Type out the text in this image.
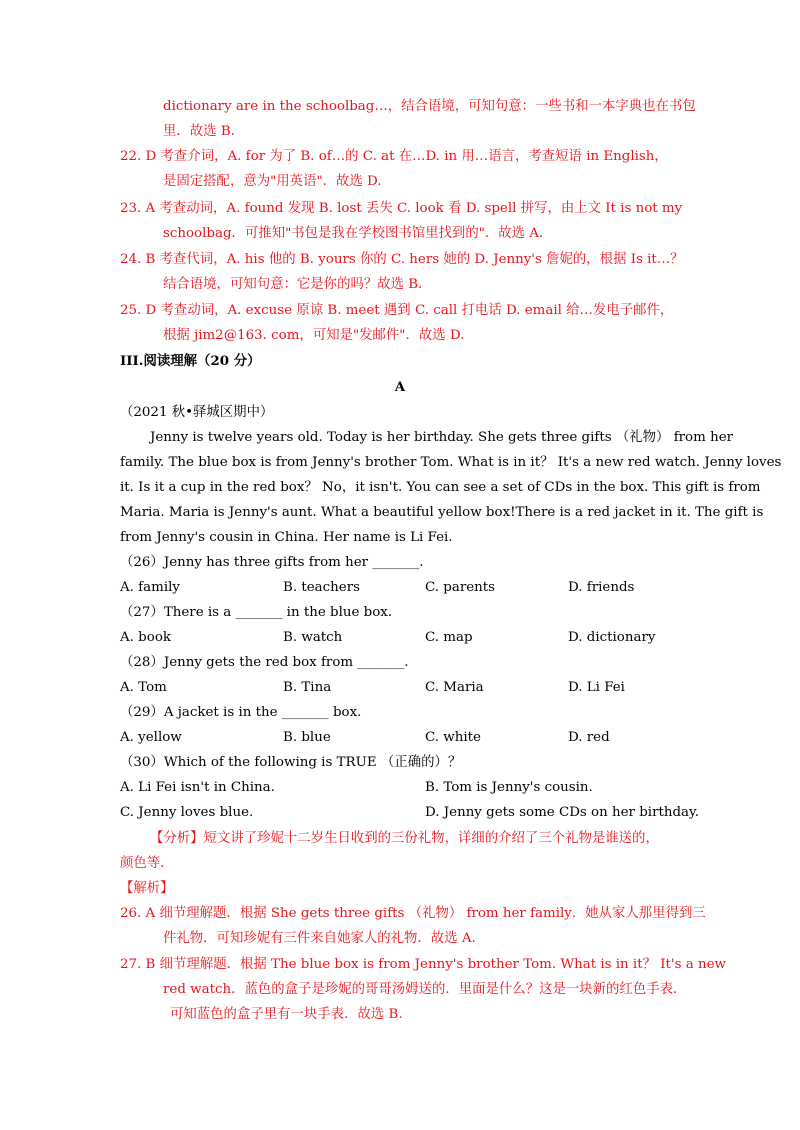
dictionary are in the schoolbag…，结合语境，可知句意：一些书和一本字典也在书包
里．故选 B.
22. D 考查介词，A. for 为了 B. of…的 C. at 在…D. in 用…语言，考查短语 in English，
是固定搭配，意为"用英语"．故选 D.
23. A 考查动词，A. found 发现 B. lost 丢失 C. look 看 D. spell 拼写，由上文 It is not my
schoolbag．可推知"书包是我在学校图书馆里找到的"．故选 A.
24. B 考查代词，A. his 他的 B. yours 你的 C. hers 她的 D. Jenny's 詹妮的，根据 Is it…？
结合语境，可知句意：它是你的吗？故选 B.
25. D 考查动词，A. excuse 原谅 B. meet 遇到 C. call 打电话 D. email 给…发电子邮件，
根据 jim2@163. com，可知是"发邮件"．故选 D.
III.阅读理解（20 分）
A
（2021 秋•驿城区期中）
Jenny is twelve years old. Today is her birthday. She gets three gifts （礼物） from her
family. The blue box is from Jenny's brother Tom. What is in it？ It's a new red watch. Jenny loves
it. Is it a cup in the red box？ No，it isn't. You can see a set of CDs in the box. This gift is from
Maria. Maria is Jenny's aunt. What a beautiful yellow box!There is a red jacket in it. The gift is
from Jenny's cousin in China. Her name is Li Fei.
（26）Jenny has three gifts from her _______.
A. family	B. teachers	C. parents	D. friends
（27）There is a _______ in the blue box.
A. book	B. watch	C. map	D. dictionary
（28）Jenny gets the red box from _______.
A. Tom	B. Tina	C. Maria	D. Li Fei
（29）A jacket is in the _______ box.
A. yellow	B. blue	C. white	D. red
（30）Which of the following is TRUE （正确的）？
A. Li Fei isn't in China.	B. Tom is Jenny's cousin.
C. Jenny loves blue.	D. Jenny gets some CDs on her birthday.
【分析】短文讲了珍妮十二岁生日收到的三份礼物，详细的介绍了三个礼物是谁送的，
颜色等.
【解析】
26. A 细节理解题．根据 She gets three gifts （礼物） from her family．她从家人那里得到三
件礼物．可知珍妮有三件来自她家人的礼物．故选 A.
27. B 细节理解题．根据 The blue box is from Jenny's brother Tom. What is in it？ It's a new
red watch．蓝色的盒子是珍妮的哥哥汤姆送的．里面是什么？这是一块新的红色手表．
可知蓝色的盒子里有一块手表．故选 B.
